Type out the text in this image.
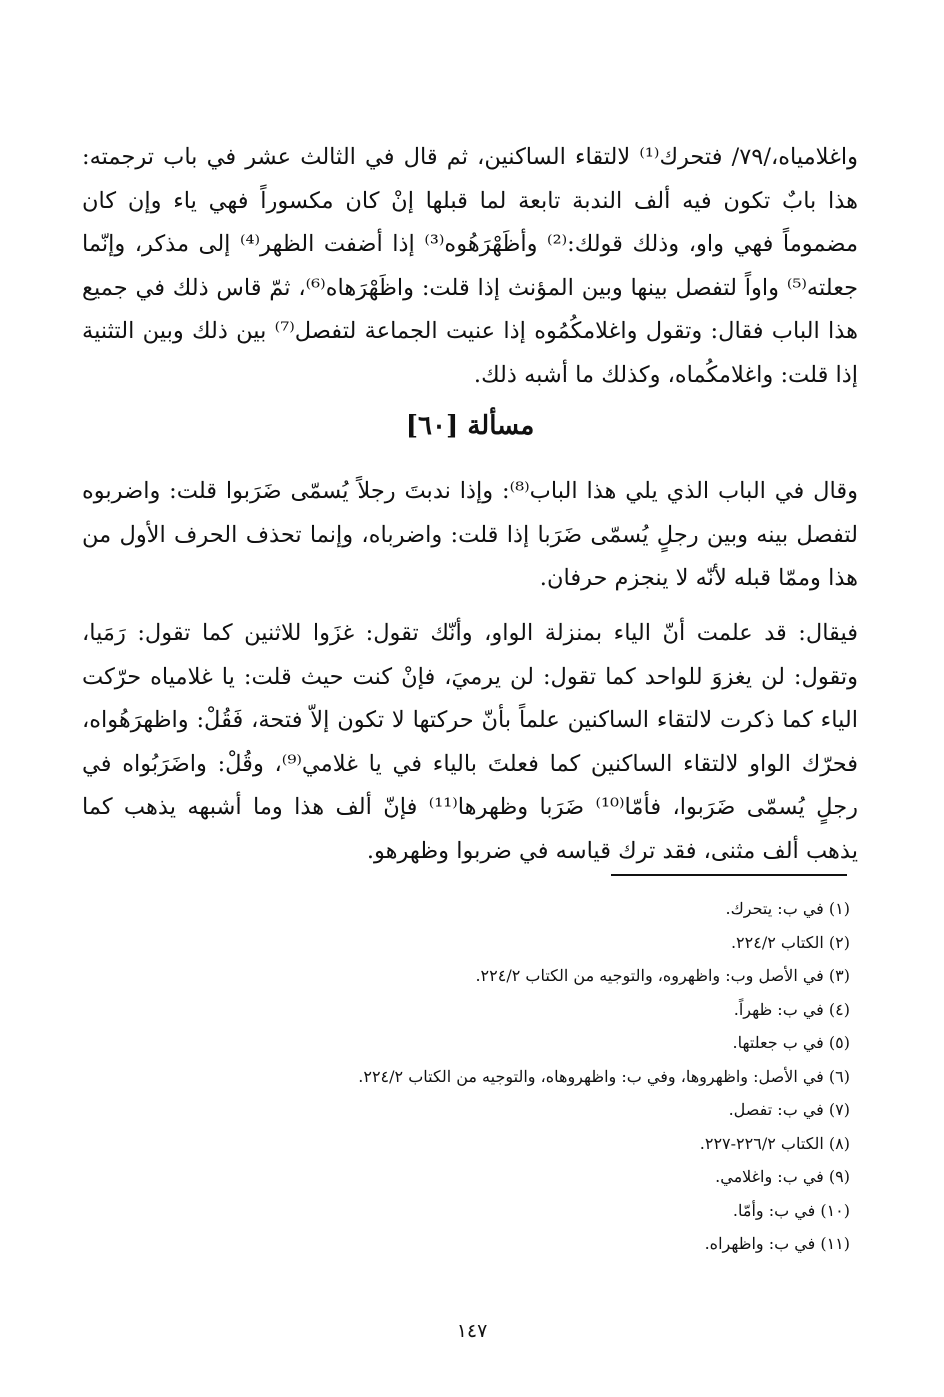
واغلامياه،/٧٩/ فتحرك⁽¹⁾ لالتقاء الساكنين، ثم قال في الثالث عشر في باب ترجمته: هذا بابٌ تكون فيه ألف الندبة تابعة لما قبلها إنْ كان مكسوراً فهي ياء وإن كان مضموماً فهي واو، وذلك قولك:⁽²⁾ وأظَهْرَهُوه⁽³⁾ إذا أضفت الظهر⁽⁴⁾ إلى مذكر، وإنّما جعلته⁽⁵⁾ واواً لتفصل بينها وبين المؤنث إذا قلت: واظَهْرَهاه⁽⁶⁾، ثمّ قاس ذلك في جميع هذا الباب فقال: وتقول واغلامكُمُوه إذا عنيت الجماعة لتفصل⁽⁷⁾ بين ذلك وبين التثنية إذا قلت: واغلامكُماه، وكذلك ما أشبه ذلك.

مسألة [٦٠]

وقال في الباب الذي يلي هذا الباب⁽⁸⁾: وإذا ندبتَ رجلاً يُسمّى ضَرَبوا قلت: واضربوه لتفصل بينه وبين رجلٍ يُسمّى ضَرَبا إذا قلت: واضرباه، وإنما تحذف الحرف الأول من هذا وممّا قبله لأنّه لا ينجزم حرفان.

فيقال: قد علمت أنّ الياء بمنزلة الواو، وأنّك تقول: غزَوا للاثنين كما تقول: رَمَيا، وتقول: لن يغزوَ للواحد كما تقول: لن يرميَ، فإنْ كنت حيث قلت: يا غلامياه حرّكت الياء كما ذكرت لالتقاء الساكنين علماً بأنّ حركتها لا تكون إلاّ فتحة، فَقُلْ: واظهرَهُواه، فحرّك الواو لالتقاء الساكنين كما فعلتَ بالياء في يا غلامي⁽⁹⁾، وقُلْ: واضَرَبُواه في رجلٍ يُسمّى ضَرَبوا، فأمّا⁽¹⁰⁾ ضَرَبا وظهرها⁽¹¹⁾ فإنّ ألف هذا وما أشبهه يذهب كما يذهب ألف مثنى، فقد ترك قياسه في ضربوا وظهرهو.

(١) في ب: يتحرك.
(٢) الكتاب ٢٢٤/٢.
(٣) في الأصل وب: واظهروه، والتوجيه من الكتاب ٢٢٤/٢.
(٤) في ب: ظهراً.
(٥) في ب جعلتها.
(٦) في الأصل: واظهروها، وفي ب: واظهروهاه، والتوجيه من الكتاب ٢٢٤/٢.
(٧) في ب: تفصل.
(٨) الكتاب ٢٢٦/٢-٢٢٧.
(٩) في ب: واغلامي.
(١٠) في ب: وأمّا.
(١١) في ب: واظهراه.
١٤٧
